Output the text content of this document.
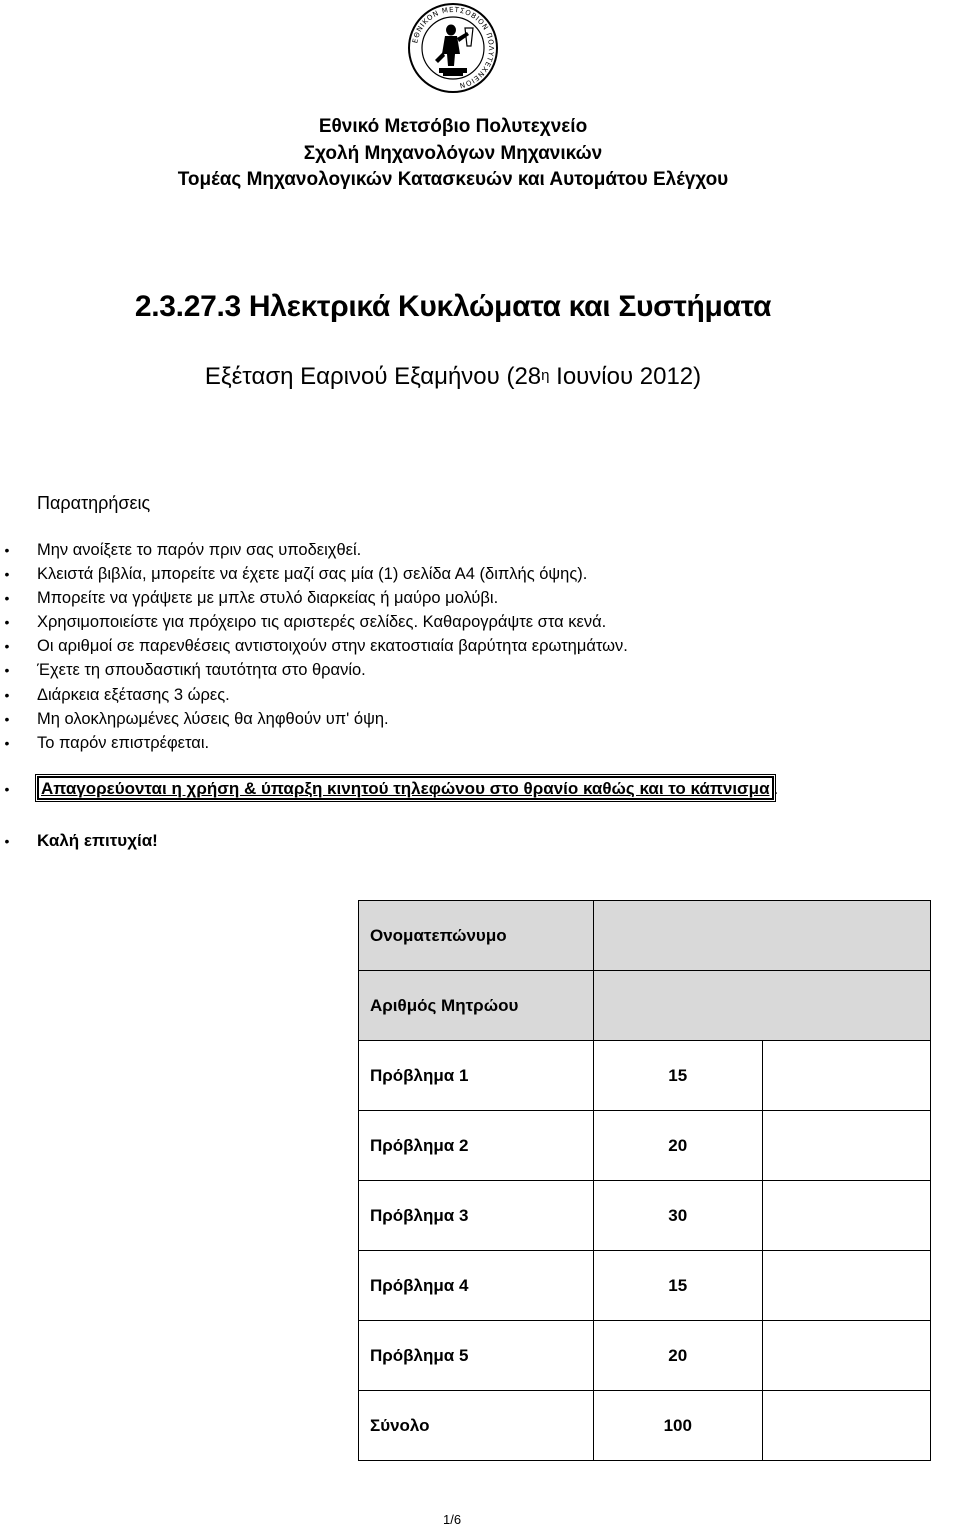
ΕΘΝΙΚΟΝ ΜΕΤΣΟΒΙΟΝ ΠΟΛΥΤΕΧΝΕΙΟΝ
Εθνικό Μετσόβιο Πολυτεχνείο
Σχολή Μηχανολόγων Μηχανικών
Τομέας Μηχανολογικών Κατασκευών και Αυτομάτου Ελέγχου
2.3.27.3 Ηλεκτρικά Κυκλώματα και Συστήματα
Εξέταση Εαρινού Εξαμήνου ($28^\eta$ Ιουνίου 2012)
Παρατηρήσεις
• Μην ανοίξετε το παρόν πριν σας υποδειχθεί.
• Κλειστά βιβλία, μπορείτε να έχετε μαζί σας μία (1) σελίδα Α4 (διπλής όψης).
• Μπορείτε να γράψετε με μπλε στυλό διαρκείας ή μαύρο μολύβι.
• Χρησιμοποιείστε για πρόχειρο τις αριστερές σελίδες. Καθαρογράψτε στα κενά.
• Οι αριθμοί σε παρενθέσεις αντιστοιχούν στην εκατοστιαία βαρύτητα ερωτημάτων.
• Έχετε τη σπουδαστική ταυτότητα στο θρανίο.
• Διάρκεια εξέτασης 3 ώρες.
• Μη ολοκληρωμένες λύσεις θα ληφθούν υπ' όψη.
• Το παρόν επιστρέφεται.
• Απαγορεύονται η χρήση & ύπαρξη κινητού τηλεφώνου στο θρανίο καθώς και το κάπνισμα .
• Καλή επιτυχία!
Ονοματεπώνυμο		
Αριθμός Μητρώου		
Πρόβλημα 1	15	
Πρόβλημα 2	20	
Πρόβλημα 3	30	
Πρόβλημα 4	15	
Πρόβλημα 5	20	
Σύνολο	100	
1/6
